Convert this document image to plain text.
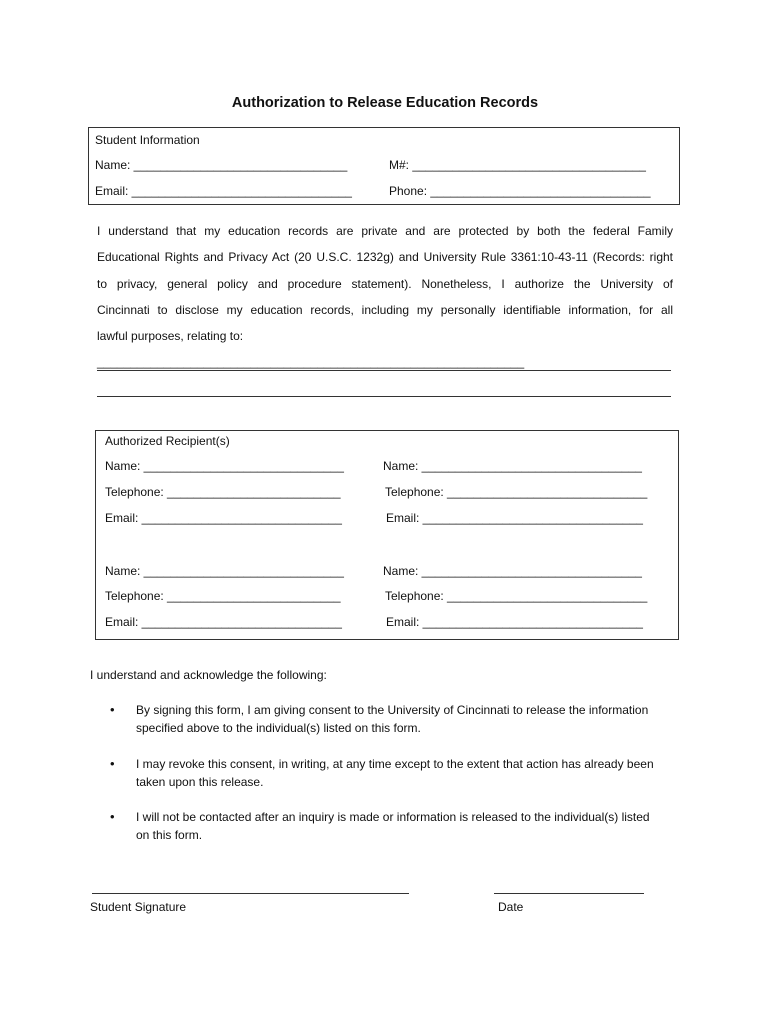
Authorization to Release Education Records
Student Information
Name: ________________________________	M#: ___________________________________
Email: _________________________________	Phone: _________________________________
I understand that my education records are private and are protected by both the federal Family
Educational Rights and Privacy Act (20 U.S.C. 1232g) and University Rule 3361:10-43-11 (Records: right
to privacy, general policy and procedure statement). Nonetheless, I authorize the University of
Cincinnati to disclose my education records, including my personally identifiable information, for all
lawful purposes, relating to: ________________________________________________________________
Authorized Recipient(s)
Name: ______________________________	Name: _________________________________
Telephone: __________________________	Telephone: ______________________________
Email: ______________________________	Email: _________________________________
Name: ______________________________	Name: _________________________________
Telephone: __________________________	Telephone: ______________________________
Email: ______________________________	Email: _________________________________
I understand and acknowledge the following:
• By signing this form, I am giving consent to the University of Cincinnati to release the information specified above to the individual(s) listed on this form.
• I may revoke this consent, in writing, at any time except to the extent that action has already been taken upon this release.
• I will not be contacted after an inquiry is made or information is released to the individual(s) listed on this form.
Student Signature	Date
